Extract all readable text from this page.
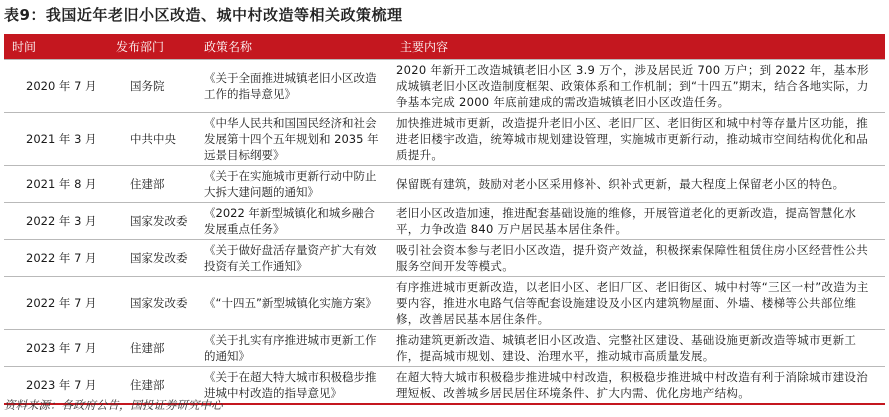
表9：我国近年老旧小区改造、城中村改造等相关政策梳理
时间	发布部门	政策名称	主要内容
2020 年 7 月	国务院	《关于全面推进城镇老旧小区改造工作的指导意见》	2020 年新开工改造城镇老旧小区 3.9 万个，涉及居民近 700 万户；到 2022 年，基本形成城镇老旧小区改造制度框架、政策体系和工作机制；到“十四五”期末，结合各地实际，力争基本完成 2000 年底前建成的需改造城镇老旧小区改造任务。
2021 年 3 月	中共中央	《中华人民共和国国民经济和社会发展第十四个五年规划和 2035 年远景目标纲要》	加快推进城市更新，改造提升老旧小区、老旧厂区、老旧街区和城中村等存量片区功能，推进老旧楼宇改造，统筹城市规划建设管理，实施城市更新行动，推动城市空间结构优化和品质提升。
2021 年 8 月	住建部	《关于在实施城市更新行动中防止大拆大建问题的通知》	保留既有建筑，鼓励对老小区采用修补、织补式更新，最大程度上保留老小区的特色。
2022 年 3 月	国家发改委	《2022 年新型城镇化和城乡融合发展重点任务》	老旧小区改造加速，推进配套基础设施的维修，开展管道老化的更新改造，提高智慧化水平，力争改造 840 万户居民基本居住条件。
2022 年 7 月	国家发改委	《关于做好盘活存量资产扩大有效投资有关工作通知》	吸引社会资本参与老旧小区改造，提升资产效益，积极探索保障性租赁住房小区经营性公共服务空间开发等模式。
2022 年 7 月	国家发改委	《“十四五”新型城镇化实施方案》	有序推进城市更新改造，以老旧小区、老旧厂区、老旧街区、城中村等“三区一村”改造为主要内容，推进水电路气信等配套设施建设及小区内建筑物屋面、外墙、楼梯等公共部位维修，改善居民基本居住条件。
2023 年 7 月	住建部	《关于扎实有序推进城市更新工作的通知》	推动建筑更新改造、城镇老旧小区改造、完整社区建设、基础设施更新改造等城市更新工作，提高城市规划、建设、治理水平，推动城市高质量发展。
2023 年 7 月	住建部	《关于在超大特大城市积极稳步推进城中村改造的指导意见》	在超大特大城市积极稳步推进城中村改造，积极稳步推进城中村改造有利于消除城市建设治理短板、改善城乡居民居住环境条件、扩大内需、优化房地产结构。
资料来源：各政府公告，国投证券研究中心
